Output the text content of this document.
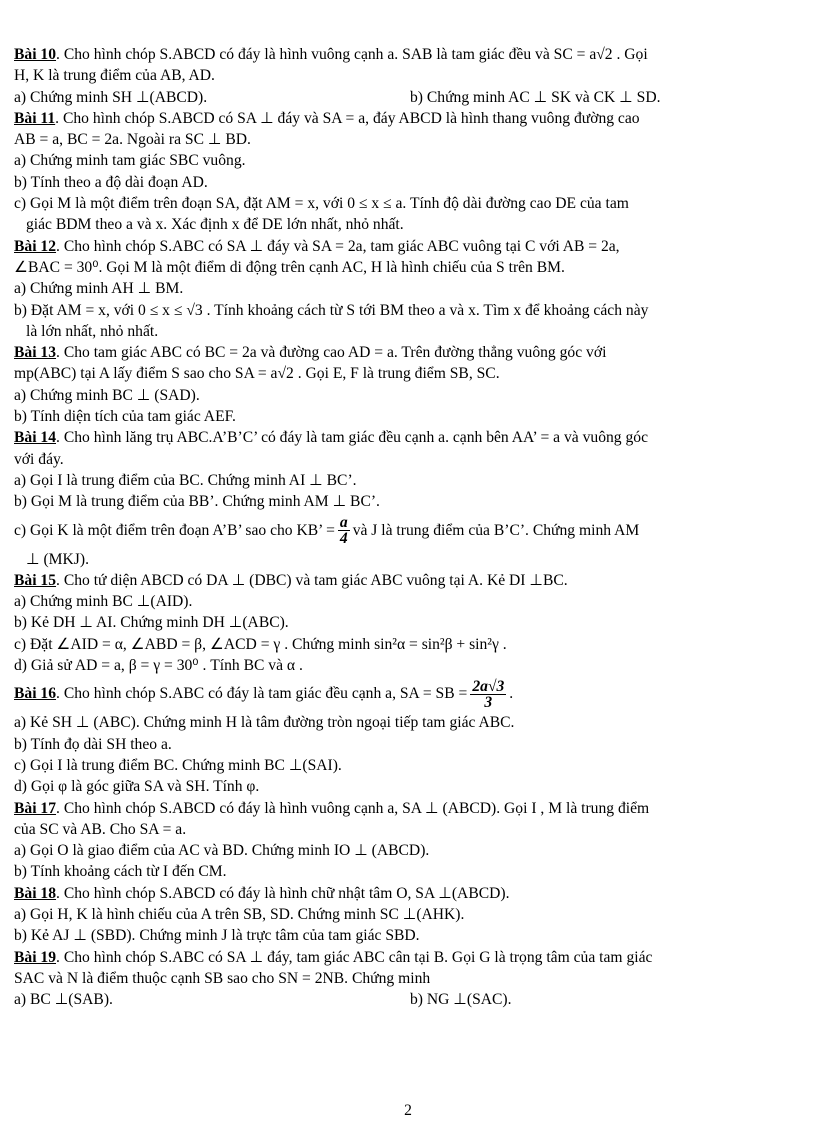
Bài 10. Cho hình chóp S.ABCD có đáy là hình vuông cạnh a. SAB là tam giác đều và SC = a√2 . Gọi
H, K là trung điểm của AB, AD.
a) Chứng minh SH ⊥(ABCD).	b) Chứng minh AC ⊥ SK và CK ⊥ SD.
Bài 11. Cho hình chóp S.ABCD có SA ⊥ đáy và SA = a, đáy ABCD là hình thang vuông đường cao
AB = a, BC = 2a. Ngoài ra SC ⊥ BD.
a) Chứng minh tam giác SBC vuông.
b) Tính theo a độ dài đoạn AD.
c) Gọi M là một điểm trên đoạn SA, đặt AM = x, với 0 ≤ x ≤ a. Tính độ dài đường cao DE của tam
giác BDM theo a và x. Xác định x để DE lớn nhất, nhỏ nhất.
Bài 12. Cho hình chóp S.ABC có SA ⊥ đáy và SA = 2a, tam giác ABC vuông tại C với AB = 2a,
∠BAC = 30⁰. Gọi M là một điểm di động trên cạnh AC, H là hình chiếu của S trên BM.
a) Chứng minh AH ⊥ BM.
b) Đặt AM = x, với 0 ≤ x ≤ √3 . Tính khoảng cách từ S tới BM theo a và x. Tìm x để khoảng cách này
là lớn nhất, nhỏ nhất.
Bài 13. Cho tam giác ABC có BC = 2a và đường cao AD = a. Trên đường thẳng vuông góc với
mp(ABC) tại A lấy điểm S sao cho SA = a√2 . Gọi E, F là trung điểm SB, SC.
a) Chứng minh BC ⊥ (SAD).
b) Tính diện tích của tam giác AEF.
Bài 14. Cho hình lăng trụ ABC.A’B’C’ có đáy là tam giác đều cạnh a. cạnh bên AA’ = a và vuông góc
với đáy.
a) Gọi I là trung điểm của BC. Chứng minh AI ⊥ BC’.
b) Gọi M là trung điểm của BB’. Chứng minh AM ⊥ BC’.
c) Gọi K là một điểm trên đoạn A’B’ sao cho KB’ = $\frac{a}{4}$ và J là trung điểm của B’C’. Chứng minh AM
⊥ (MKJ).
Bài 15. Cho tứ diện ABCD có DA ⊥ (DBC) và tam giác ABC vuông tại A. Kẻ DI ⊥BC.
a) Chứng minh BC ⊥(AID).
b) Kẻ DH ⊥ AI. Chứng minh DH ⊥(ABC).
c) Đặt ∠AID = α, ∠ABD = β, ∠ACD = γ . Chứng minh sin²α = sin²β + sin²γ .
d) Giả sử AD = a, β = γ = 30⁰ . Tính BC và α .
Bài 16. Cho hình chóp S.ABC có đáy là tam giác đều cạnh a, SA = SB = $\frac{2a√3}{3}$ .
a) Kẻ SH ⊥ (ABC). Chứng minh H là tâm đường tròn ngoại tiếp tam giác ABC.
b) Tính đọ dài SH theo a.
c) Gọi I là trung điểm BC. Chứng minh BC ⊥(SAI).
d) Gọi φ là góc giữa SA và SH. Tính φ.
Bài 17. Cho hình chóp S.ABCD có đáy là hình vuông cạnh a, SA ⊥ (ABCD). Gọi I , M là trung điểm
của SC và AB. Cho SA = a.
a) Gọi O là giao điểm của AC và BD. Chứng minh IO ⊥ (ABCD).
b) Tính khoảng cách từ I đến CM.
Bài 18. Cho hình chóp S.ABCD có đáy là hình chữ nhật tâm O, SA ⊥(ABCD).
a) Gọi H, K là hình chiếu của A trên SB, SD. Chứng minh SC ⊥(AHK).
b) Kẻ AJ ⊥ (SBD). Chứng minh J là trực tâm của tam giác SBD.
Bài 19. Cho hình chóp S.ABC có SA ⊥ đáy, tam giác ABC cân tại B. Gọi G là trọng tâm của tam giác
SAC và N là điểm thuộc cạnh SB sao cho SN = 2NB. Chứng minh
a) BC ⊥(SAB).	b) NG ⊥(SAC).
2
